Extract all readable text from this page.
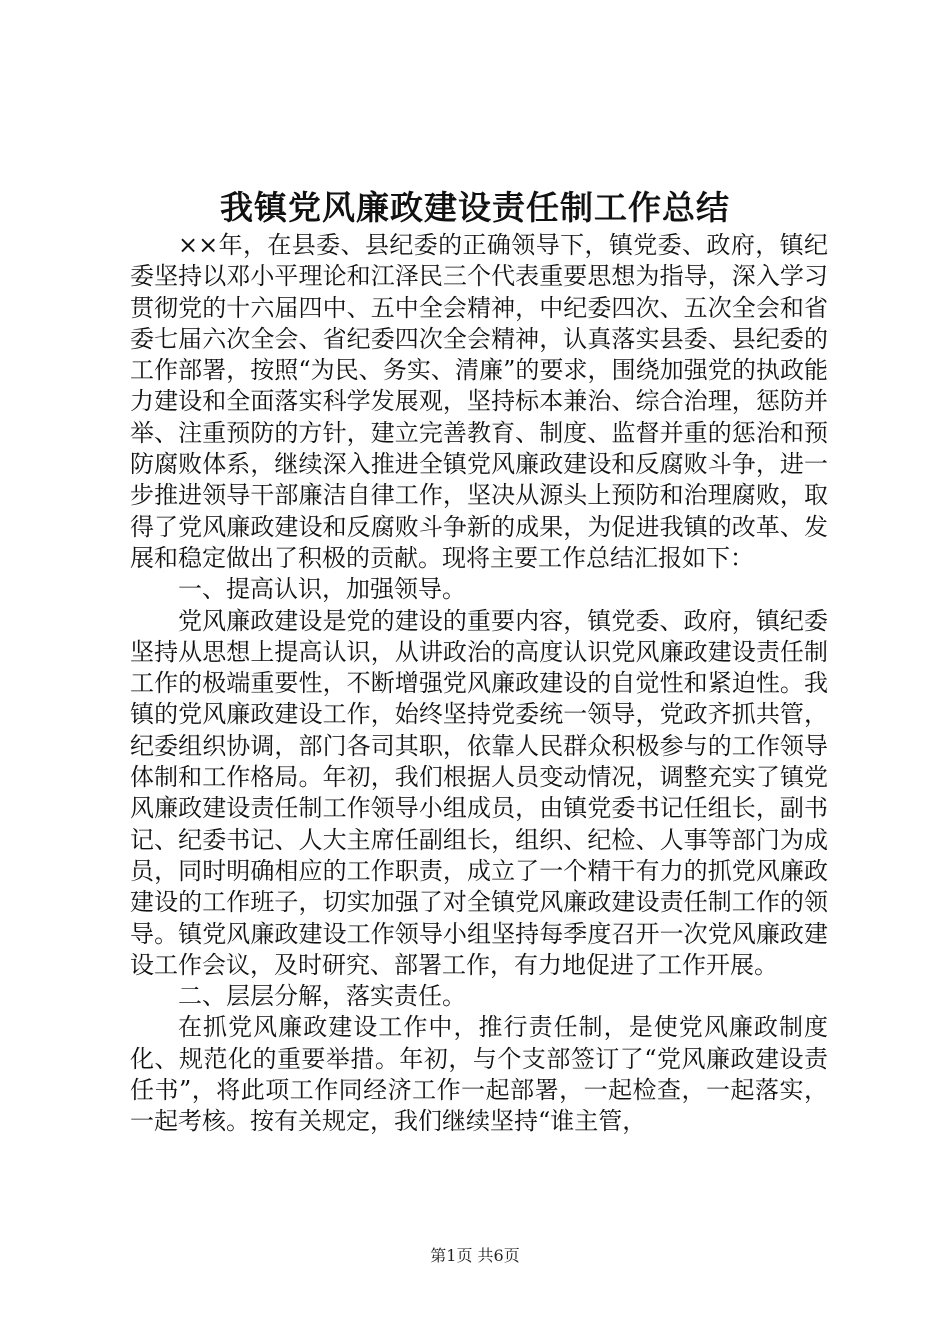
我镇党风廉政建设责任制工作总结

××年，在县委、县纪委的正确领导下，镇党委、政府，镇纪委坚持以邓小平理论和江泽民三个代表重要思想为指导，深入学习贯彻党的十六届四中、五中全会精神，中纪委四次、五次全会和省委七届六次全会、省纪委四次全会精神，认真落实县委、县纪委的工作部署，按照“为民、务实、清廉”的要求，围绕加强党的执政能力建设和全面落实科学发展观，坚持标本兼治、综合治理，惩防并举、注重预防的方针，建立完善教育、制度、监督并重的惩治和预防腐败体系，继续深入推进全镇党风廉政建设和反腐败斗争，进一步推进领导干部廉洁自律工作，坚决从源头上预防和治理腐败，取得了党风廉政建设和反腐败斗争新的成果，为促进我镇的改革、发展和稳定做出了积极的贡献。现将主要工作总结汇报如下：

一、提高认识，加强领导。

党风廉政建设是党的建设的重要内容，镇党委、政府，镇纪委坚持从思想上提高认识，从讲政治的高度认识党风廉政建设责任制工作的极端重要性，不断增强党风廉政建设的自觉性和紧迫性。我镇的党风廉政建设工作，始终坚持党委统一领导，党政齐抓共管，纪委组织协调，部门各司其职，依靠人民群众积极参与的工作领导体制和工作格局。年初，我们根据人员变动情况，调整充实了镇党风廉政建设责任制工作领导小组成员，由镇党委书记任组长，副书记、纪委书记、人大主席任副组长，组织、纪检、人事等部门为成员，同时明确相应的工作职责，成立了一个精干有力的抓党风廉政建设的工作班子，切实加强了对全镇党风廉政建设责任制工作的领导。镇党风廉政建设工作领导小组坚持每季度召开一次党风廉政建设工作会议，及时研究、部署工作，有力地促进了工作开展。

二、层层分解，落实责任。

在抓党风廉政建设工作中，推行责任制，是使党风廉政制度化、规范化的重要举措。年初，与个支部签订了“党风廉政建设责任书”，将此项工作同经济工作一起部署，一起检查，一起落实，一起考核。按有关规定，我们继续坚持“谁主管，

第1页 共6页
